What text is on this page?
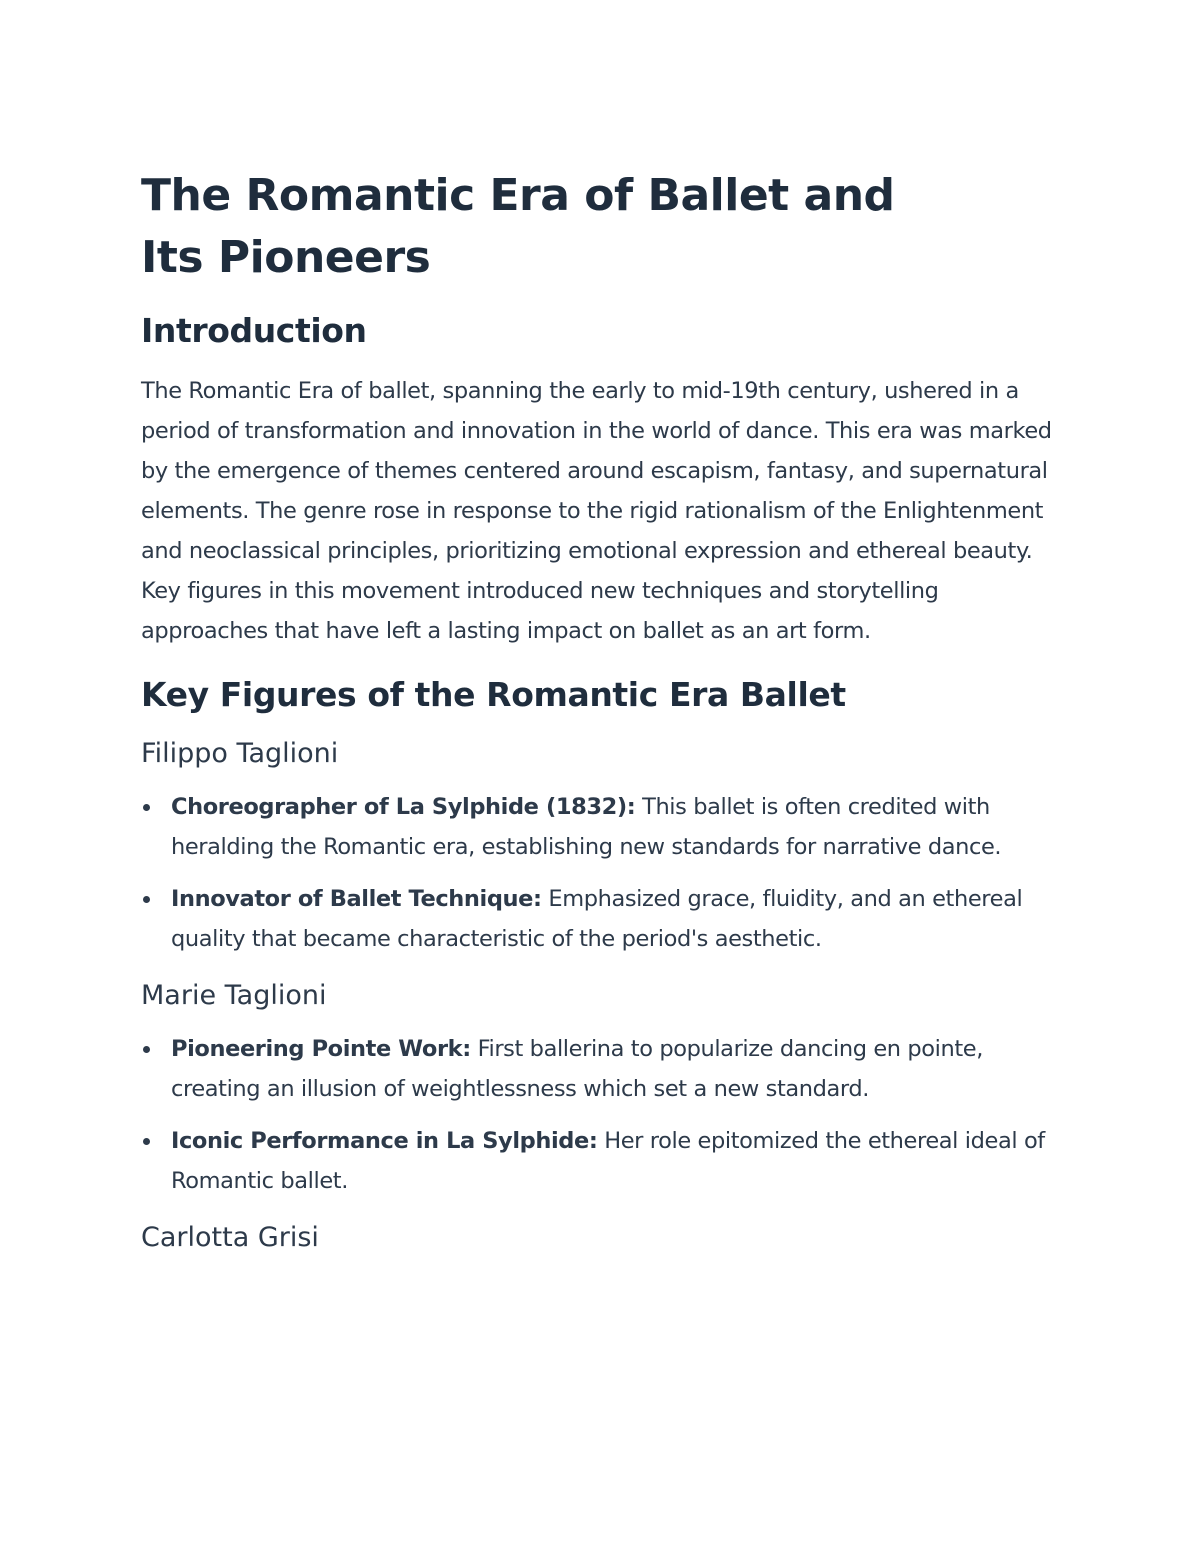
The Romantic Era of Ballet and Its Pioneers
Introduction

The Romantic Era of ballet, spanning the early to mid-19th century, ushered in a period of transformation and innovation in the world of dance. This era was marked by the emergence of themes centered around escapism, fantasy, and supernatural elements. The genre rose in response to the rigid rationalism of the Enlightenment and neoclassical principles, prioritizing emotional expression and ethereal beauty. Key figures in this movement introduced new techniques and storytelling approaches that have left a lasting impact on ballet as an art form.

Key Figures of the Romantic Era Ballet
Filippo Taglioni
Choreographer of La Sylphide (1832): This ballet is often credited with heralding the Romantic era, establishing new standards for narrative dance.
Innovator of Ballet Technique: Emphasized grace, fluidity, and an ethereal quality that became characteristic of the period's aesthetic.
Marie Taglioni
Pioneering Pointe Work: First ballerina to popularize dancing en pointe, creating an illusion of weightlessness which set a new standard.
Iconic Performance in La Sylphide: Her role epitomized the ethereal ideal of Romantic ballet.
Carlotta Grisi
